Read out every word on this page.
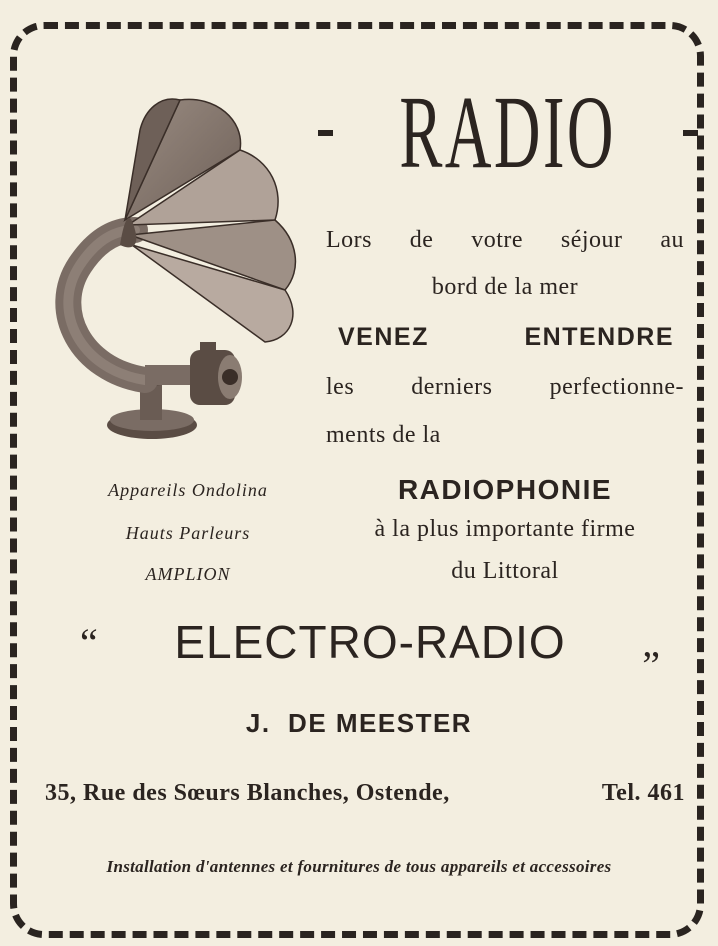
RADIO
Lors de votre séjour au
bord de la mer
VENEZ	ENTENDRE
les derniers perfectionne-
ments de la
RADIOPHONIE
à la plus importante firme
du Littoral
Appareils Ondolina
Hauts Parleurs
AMPLION
“ ELECTRO-RADIO „
J.  DE MEESTER
35, Rue des Sœurs Blanches, Ostende,	Tel. 461
Installation d'antennes et fournitures de tous appareils et accessoires
